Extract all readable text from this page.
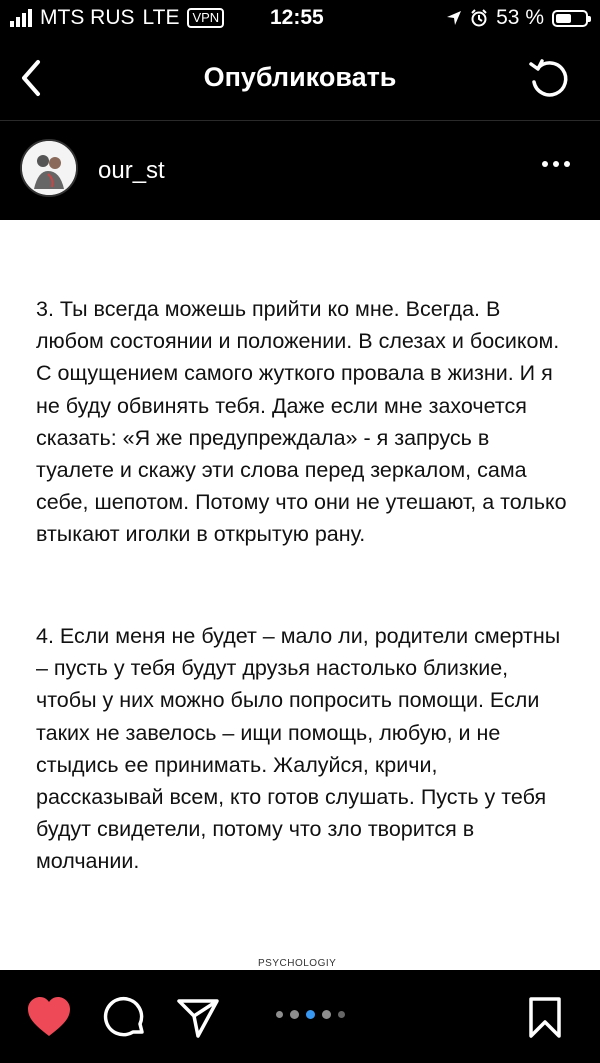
MTS RUS LTE	VPN 12:55	53 %
Опубликовать
our_st

3. Ты всегда можешь прийти ко мне. Всегда. В любом состоянии и положении. В слезах и босиком. С ощущением самого жуткого провала в жизни. И я не буду обвинять тебя. Даже если мне захочется сказать: «Я же предупреждала» - я запрусь в туалете и скажу эти слова перед зеркалом, сама себе, шепотом. Потому что они не утешают, а только втыкают иголки в открытую рану.

4. Если меня не будет – мало ли, родители смертны – пусть у тебя будут друзья настолько близкие, чтобы у них можно было попросить помощи. Если таких не завелось – ищи помощь, любую, и не стыдись ее принимать. Жалуйся, кричи, рассказывай всем, кто готов слушать. Пусть у тебя будут свидетели, потому что зло творится в молчании.

PSYCHOLOGIY
